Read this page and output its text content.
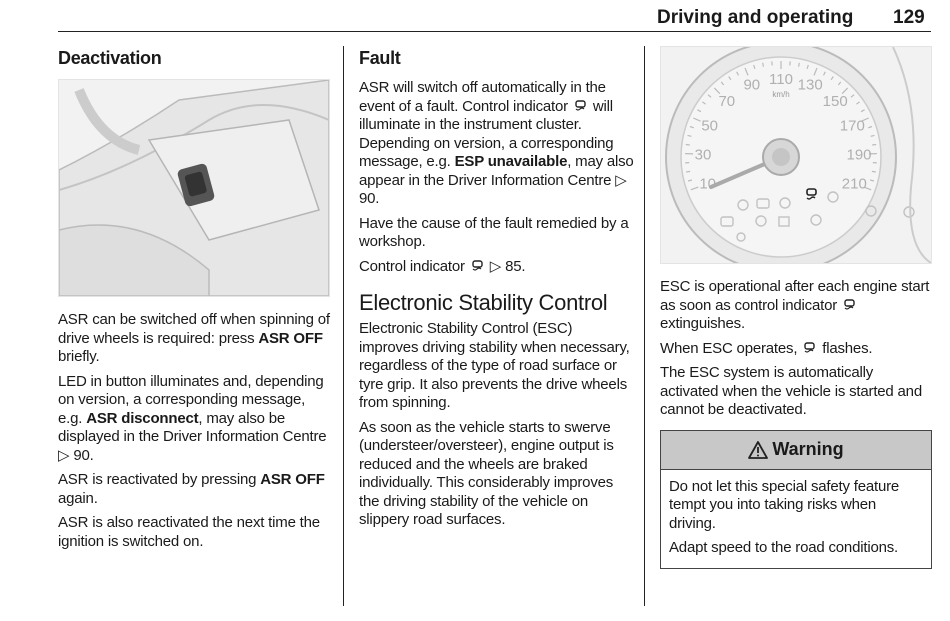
Driving and operating 129
Deactivation

ASR can be switched off when spinning of drive wheels is required: press ASR OFF briefly.

LED in button illuminates and, depending on version, a corresponding message, e.g. ASR disconnect, may also be displayed in the Driver Information Centre ▷ 90.

ASR is reactivated by pressing ASR OFF again.

ASR is also reactivated the next time the ignition is switched on.

Fault

ASR will switch off automatically in the event of a fault. Control indicator  will illuminate in the instrument cluster. Depending on version, a corresponding message, e.g. ESP unavailable, may also appear in the Driver Information Centre ▷ 90.

Have the cause of the fault remedied by a workshop.

Control indicator  ▷ 85.

Electronic Stability Control

Electronic Stability Control (ESC) improves driving stability when necessary, regardless of the type of road surface or tyre grip. It also prevents the drive wheels from spinning.

As soon as the vehicle starts to swerve (understeer/oversteer), engine output is reduced and the wheels are braked individually. This considerably improves the driving stability of the vehicle on slippery road surfaces.

10
30
50
70
90 110 130
150
170
190
210
km/h

ESC is operational after each engine start as soon as control indicator  extinguishes.

When ESC operates,  flashes.

The ESC system is automatically activated when the vehicle is started and cannot be deactivated.

Warning

Do not let this special safety feature tempt you into taking risks when driving.

Adapt speed to the road conditions.
